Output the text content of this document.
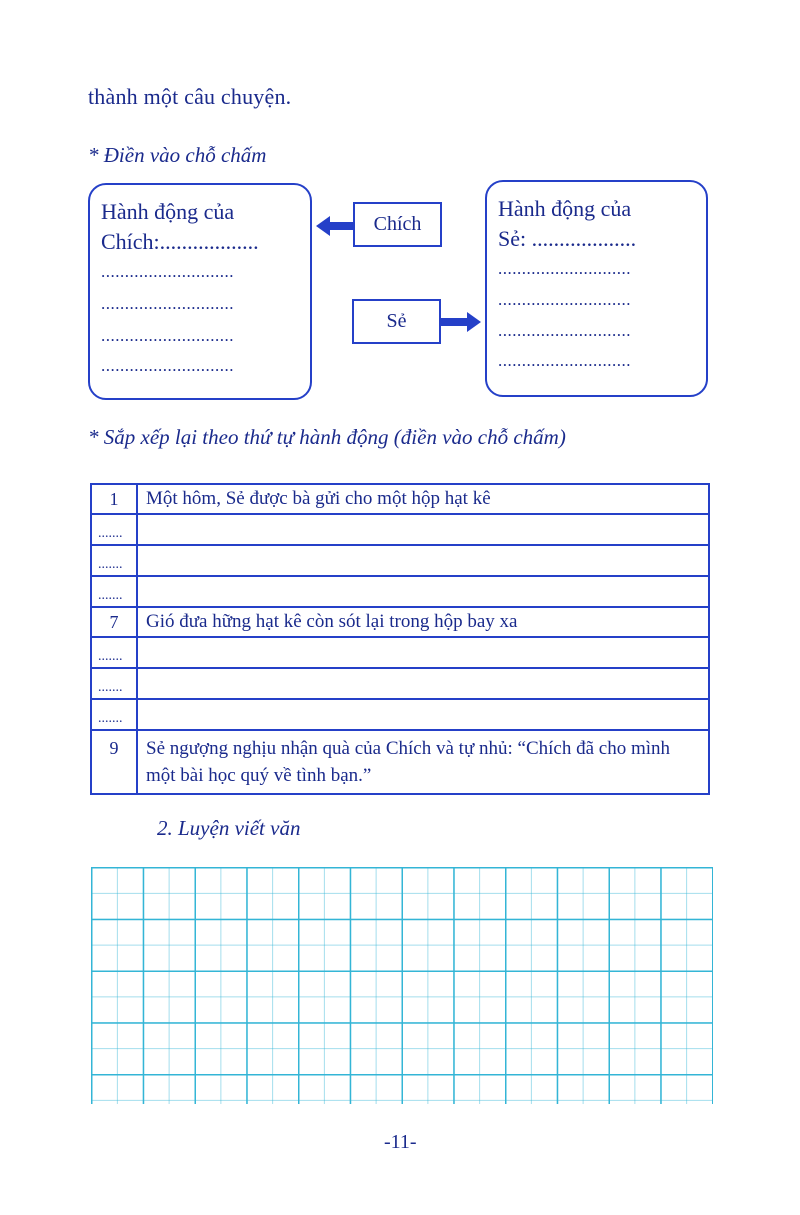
thành một câu chuyện.
* Điền vào chỗ chấm
Hành động của
Chích:..................
............................
............................
............................
............................
Chích
Sẻ
Hành động của
Sẻ: ...................
............................
............................
............................
............................
* Sắp xếp lại theo thứ tự hành động (điền vào chỗ chấm)
1	Một hôm, Sẻ được bà gửi cho một hộp hạt kê
.......	
.......	
.......	
7	Gió đưa hững hạt kê còn sót lại trong hộp bay xa
.......	
.......	
.......	
9	Sẻ ngượng nghịu nhận quà của Chích và tự nhủ: “Chích đã cho mình một bài học quý về tình bạn.”
2. Luyện viết văn
-11-
